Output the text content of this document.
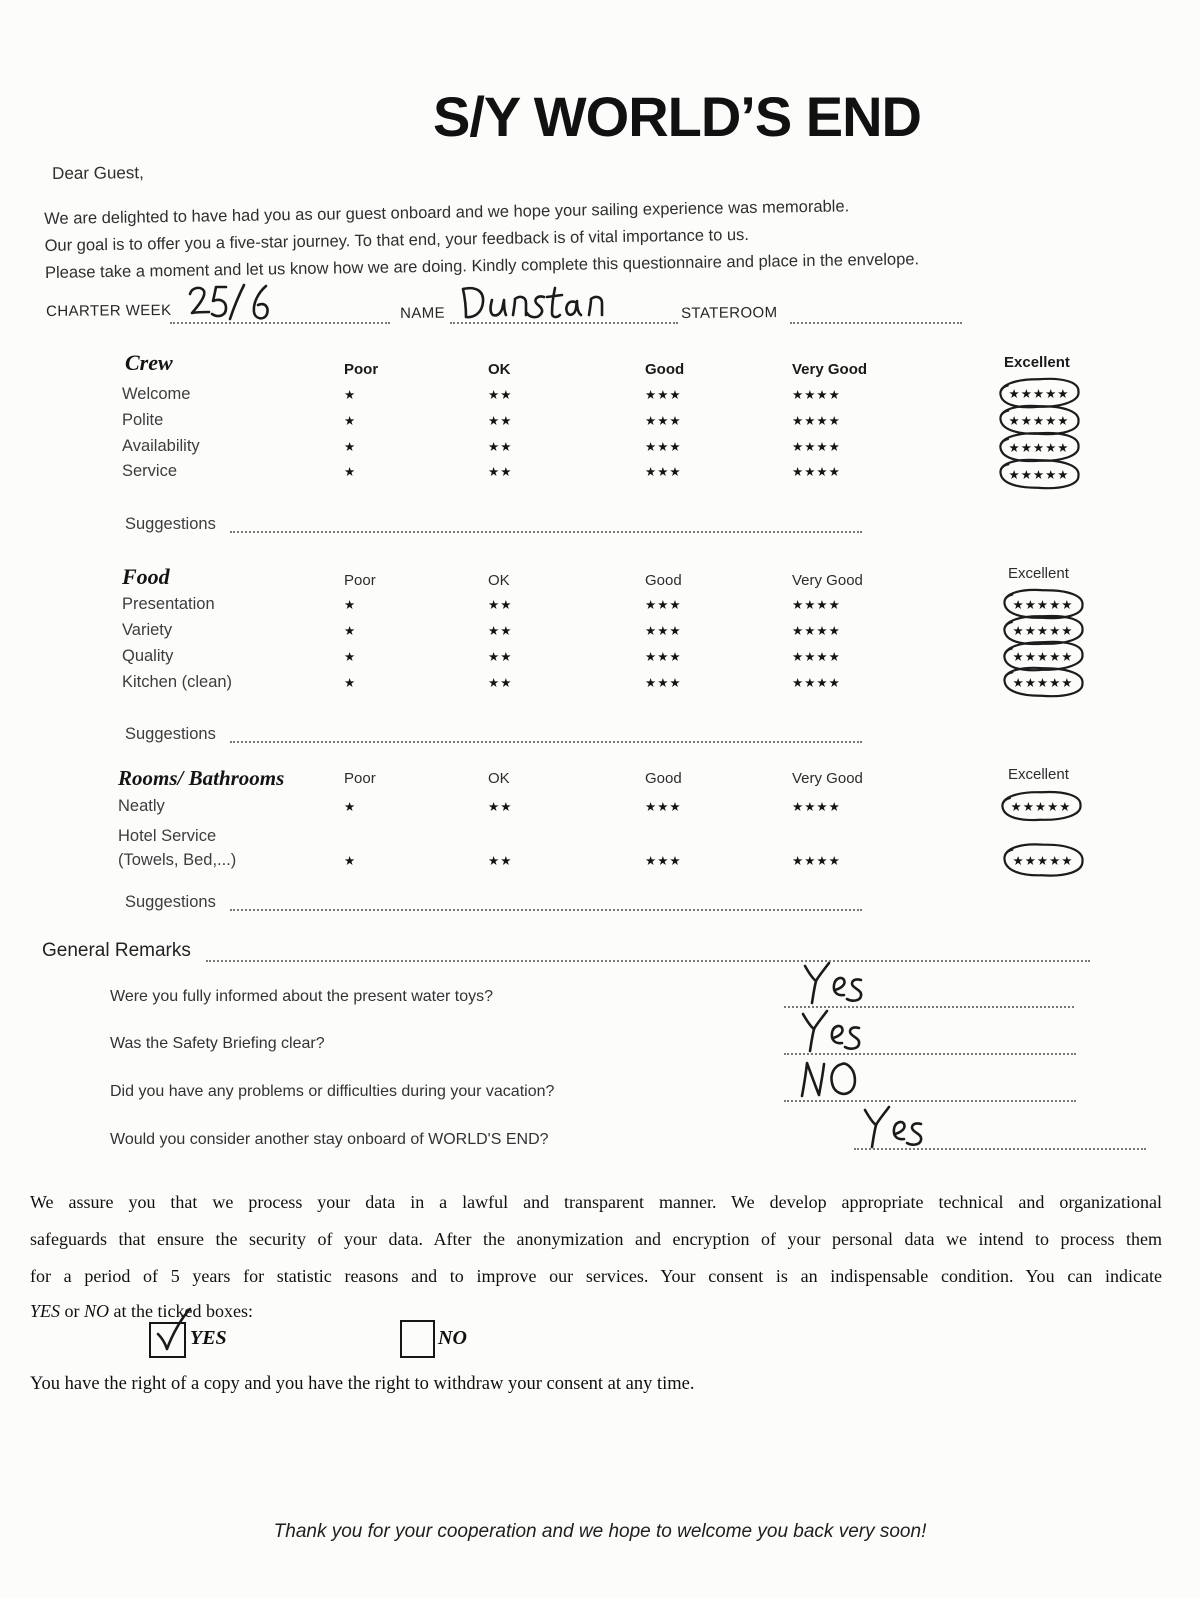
S/Y WORLD’S END
Dear Guest,
We are delighted to have had you as our guest onboard and we hope your sailing experience was memorable.
Our goal is to offer you a five-star journey. To that end, your feedback is of vital importance to us.
Please take a moment and let us know how we are doing. Kindly complete this questionnaire and place in the envelope.
CHARTER WEEK	NAME	STATEROOM
Crew	Poor	OK	Good	Very Good	Excellent
Welcome	★	★★	★★★	★★★★	★★★★★
Polite	★	★★	★★★	★★★★	★★★★★
Availability	★	★★	★★★	★★★★	★★★★★
Service	★	★★	★★★	★★★★	★★★★★
Suggestions
Food	Poor	OK	Good	Very Good	Excellent
Presentation	★	★★	★★★	★★★★	★★★★★
Variety	★	★★	★★★	★★★★	★★★★★
Quality	★	★★	★★★	★★★★	★★★★★
Kitchen (clean)	★	★★	★★★	★★★★	★★★★★
Suggestions
Rooms/ Bathrooms	Poor	OK	Good	Very Good	Excellent
Neatly	★	★★	★★★	★★★★	★★★★★
Hotel Service
(Towels, Bed,...)	★	★★	★★★	★★★★	★★★★★
Suggestions
General Remarks
Were you fully informed about the present water toys?
Was the Safety Briefing clear?
Did you have any problems or difficulties during your vacation?
Would you consider another stay onboard of WORLD'S END?
We assure you that we process your data in a lawful and transparent manner. We develop appropriate technical and organizational
safeguards that ensure the security of your data. After the anonymization and encryption of your personal data we intend to process them
for a period of 5 years for statistic reasons and to improve our services. Your consent is an indispensable condition. You can indicate
YES or NO at the ticked boxes:
YES	NO
You have the right of a copy and you have the right to withdraw your consent at any time.
Thank you for your cooperation and we hope to welcome you back very soon!
